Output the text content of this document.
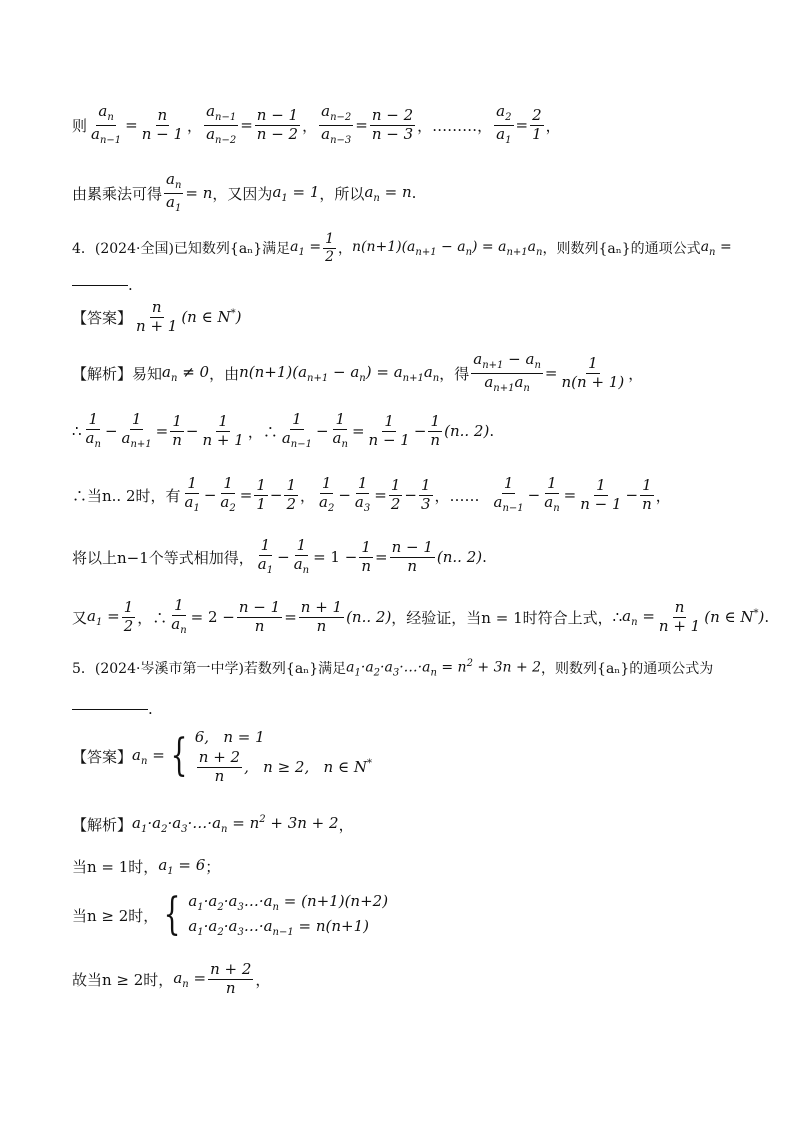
则 $\frac{a_n}{a_{n-1}} = \frac{n}{n - 1}$ ， $\frac{a_{n-1}}{a_{n-2}} = \frac{n - 1}{n - 2}$ ， $\frac{a_{n-2}}{a_{n-3}} = \frac{n - 2}{n - 3}$ ， ………， $\frac{a_2}{a_1} = \frac{2}{1}$ ，
由累乘法可得 $\frac{a_n}{a_1} = n$ ，又因为 $a_1 = 1$ ，所以 $a_n = n$ .
4．(2024·全国)已知数列{aₙ}满足 $a_1 = \frac{1}{2}$ ， $n(n+1)(a_{n+1} - a_n) = a_{n+1}a_n$ ，则数列{aₙ}的通项公式 $a_n$ =
.
【答案】 $\frac{n}{n + 1} (n$ ∈ N*)
【解析】 易知 $a_n \ne 0$ ，由 $n(n+1)(a_{n+1} - a_n) = a_{n+1}a_n$ ，得 $\frac{a_{n+1} - a_n}{a_{n+1}a_n} = \frac{1}{n(n + 1)}$ ，
∴ $\frac{1}{a_n} - \frac{1}{a_{n+1}} = \frac{1}{n} - \frac{1}{n + 1}$ ，∴ $\frac{1}{a_{n-1}} - \frac{1}{a_n} = \frac{1}{n - 1} - \frac{1}{n} (n$.. 2) .
∴当n.. 2时，有 $\frac{1}{a_1} - \frac{1}{a_2} = \frac{1}{1} - \frac{1}{2}$ ， $\frac{1}{a_2} - \frac{1}{a_3} = \frac{1}{2} - \frac{1}{3}$ ，…… $\frac{1}{a_{n-1}} - \frac{1}{a_n} = \frac{1}{n - 1} - \frac{1}{n}$ ，
将以上n−1个等式相加得， $\frac{1}{a_1} - \frac{1}{a_n} = 1 - \frac{1}{n} = \frac{n - 1}{n} (n$.. 2) .
又 $a_1 = \frac{1}{2}$ ，∴ $\frac{1}{a_n} = 2 - \frac{n - 1}{n} = \frac{n + 1}{n} (n$.. 2) ，经验证，当n = 1时符合上式， ∴ $a_n = \frac{n}{n + 1} (n$ ∈ N*) .
5．(2024·岑溪市第一中学)若数列{aₙ}满足 $a_1\cdot a_2\cdot a_3\cdot\dots\cdot a_n = n^2 + 3n + 2$ ，则数列{aₙ}的通项公式为
.
【答案】 $a_n$ = { 6,   n = 1
$\frac{n + 2}{n}$ ,   n ≥ 2,   n ∈ N*
【解析】 $a_1\cdot a_2\cdot a_3\cdot\dots\cdot a_n = n^2 + 3n + 2$ ，
当n = 1时， $a_1 = 6$ ；
当n ≥ 2时， { $a_1\cdot a_2\cdot a_3\dots\cdot a_n = (n+1)(n+2)$
$a_1\cdot a_2\cdot a_3\dots\cdot a_{n-1} = n(n+1)$
故当n ≥ 2时， $a_n = \frac{n + 2}{n}$ ，
